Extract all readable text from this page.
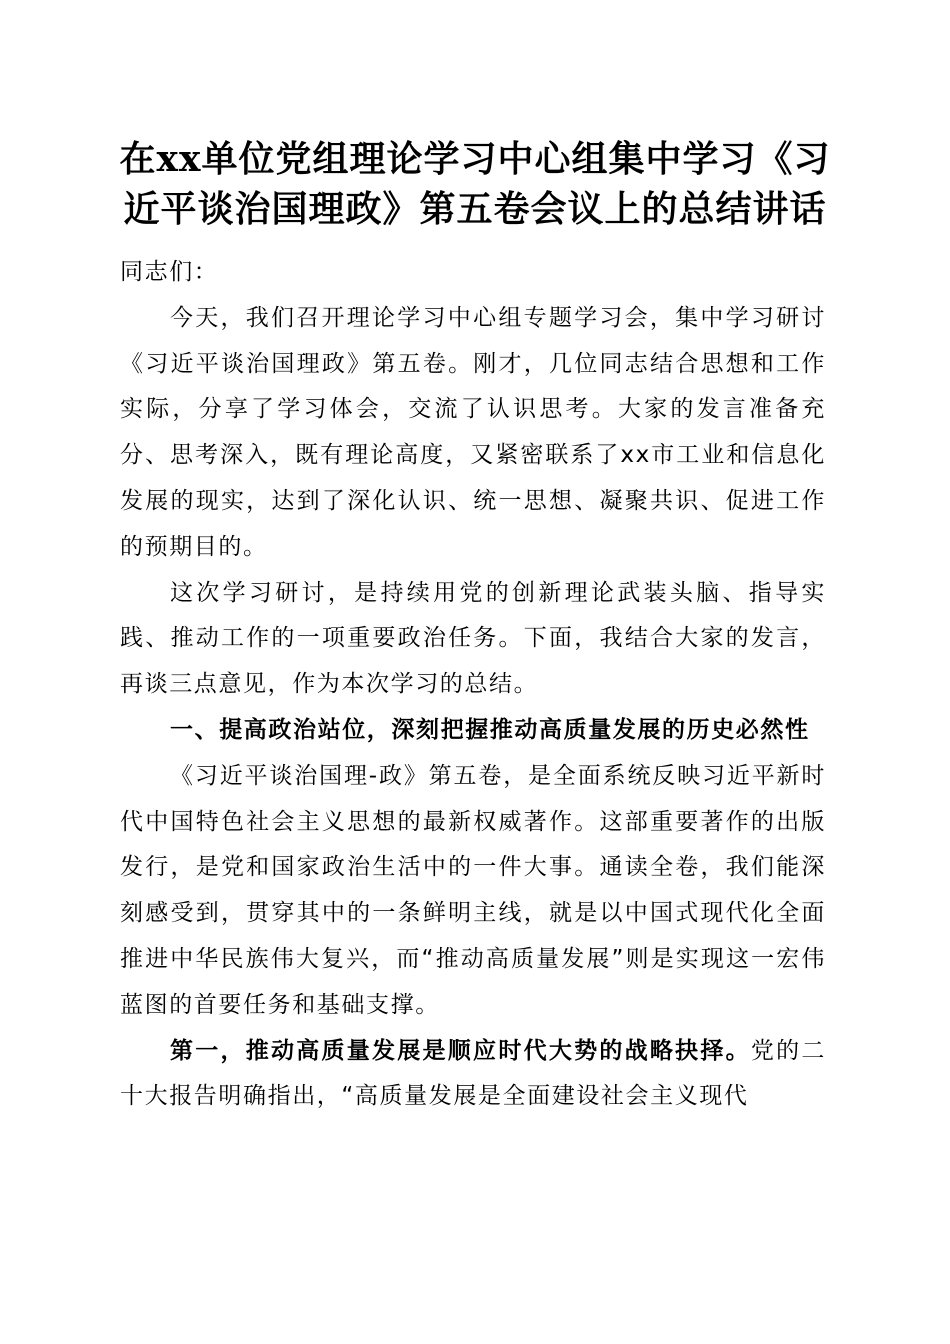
在xx单位党组理论学习中心组集中学习《习
近平谈治国理政》第五卷会议上的总结讲话

同志们：

今天，我们召开理论学习中心组专题学习会，集中学习研讨《习近平谈治国理政》第五卷。刚才，几位同志结合思想和工作实际，分享了学习体会，交流了认识思考。大家的发言准备充分、思考深入，既有理论高度，又紧密联系了xx市工业和信息化发展的现实，达到了深化认识、统一思想、凝聚共识、促进工作的预期目的。

这次学习研讨，是持续用党的创新理论武装头脑、指导实践、推动工作的一项重要政治任务。下面，我结合大家的发言，再谈三点意见，作为本次学习的总结。

一、提高政治站位，深刻把握推动高质量发展的历史必然性

《习近平谈治国理-政》第五卷，是全面系统反映习近平新时代中国特色社会主义思想的最新权威著作。这部重要著作的出版发行，是党和国家政治生活中的一件大事。通读全卷，我们能深刻感受到，贯穿其中的一条鲜明主线，就是以中国式现代化全面推进中华民族伟大复兴，而“推动高质量发展”则是实现这一宏伟蓝图的首要任务和基础支撑。

第一，推动高质量发展是顺应时代大势的战略抉择。党的二十大报告明确指出，“高质量发展是全面建设社会主义现代
